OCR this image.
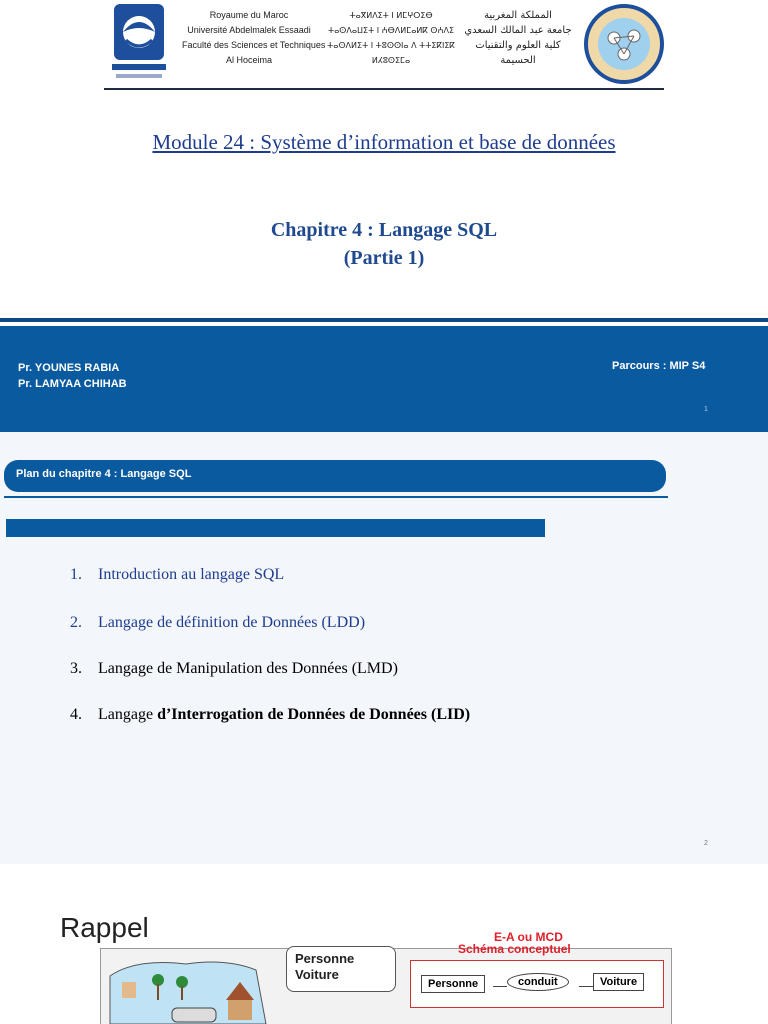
Royaume du Maroc
Université Abdelmalek Essaadi
Faculté des Sciences et Techniques
Al Hoceima
ⵜⴰⴳⵍⴷⵉⵜ ⵏ ⵍⵎⵖⵔⵉⴱ
ⵜⴰⵙⴷⴰⵡⵉⵜ ⵏ ⵄⴱⴷⵍⵎⴰⵍⴽ ⵙⵄⴷⵉ
ⵜⴰⵙⴷⵍⵉⵜ ⵏ ⵜⵓⵙⵙⵏⴰ ⴷ ⵜⵜⵉⴽⵏⵉⴽ
ⵍⵃⵓⵙⵉⵎⴰ
المملكة المغربية
جامعة عبد المالك السعدي
كلية العلوم والتقنيات
الحسيمة
Module 24 : Système d’information et base de données
Chapitre 4 : Langage SQL
(Partie 1)
Pr. YOUNES RABIA
Pr. LAMYAA CHIHAB
Parcours : MIP S4
1
Plan du chapitre 4 : Langage SQL
1. Introduction au langage SQL
2. Langage de définition de Données (LDD)
3. Langage de Manipulation des Données (LMD)
4. Langage d’Interrogation de Données de Données (LID)
2
Rappel
Personne
Voiture
E-A ou MCD
Schéma conceptuel
Personne	conduit	Voiture
